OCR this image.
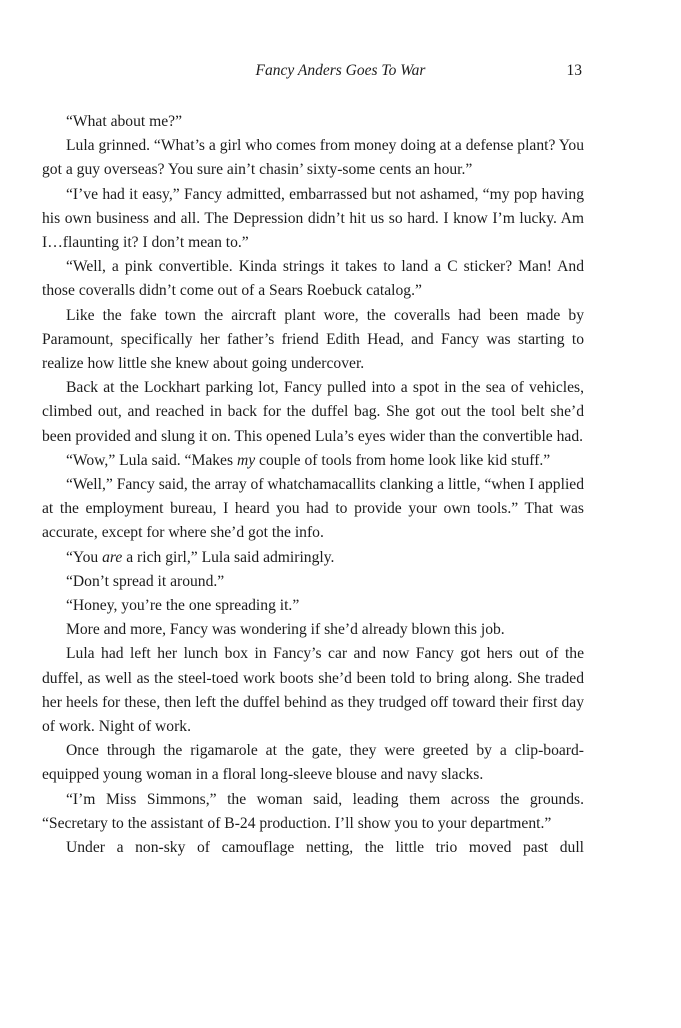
Fancy Anders Goes To War	13

“What about me?”

Lula grinned. “What’s a girl who comes from money doing at a defense plant? You got a guy overseas? You sure ain’t chasin’ sixty-some cents an hour.”

“I’ve had it easy,” Fancy admitted, embarrassed but not ashamed, “my pop having his own business and all. The Depression didn’t hit us so hard. I know I’m lucky. Am I…flaunting it? I don’t mean to.”

“Well, a pink convertible. Kinda strings it takes to land a C sticker? Man! And those coveralls didn’t come out of a Sears Roebuck catalog.”

Like the fake town the aircraft plant wore, the coveralls had been made by Paramount, specifically her father’s friend Edith Head, and Fancy was starting to realize how little she knew about going undercover.

Back at the Lockhart parking lot, Fancy pulled into a spot in the sea of vehicles, climbed out, and reached in back for the duffel bag. She got out the tool belt she’d been provided and slung it on. This opened Lula’s eyes wider than the convertible had.

“Wow,” Lula said. “Makes my couple of tools from home look like kid stuff.”

“Well,” Fancy said, the array of whatchamacallits clanking a little, “when I applied at the employment bureau, I heard you had to provide your own tools.” That was accurate, except for where she’d got the info.

“You are a rich girl,” Lula said admiringly.

“Don’t spread it around.”

“Honey, you’re the one spreading it.”

More and more, Fancy was wondering if she’d already blown this job.

Lula had left her lunch box in Fancy’s car and now Fancy got hers out of the duffel, as well as the steel-toed work boots she’d been told to bring along. She traded her heels for these, then left the duffel behind as they trudged off toward their first day of work. Night of work.

Once through the rigamarole at the gate, they were greeted by a clip-board-equipped young woman in a floral long-sleeve blouse and navy slacks.

“I’m Miss Simmons,” the woman said, leading them across the grounds. “Secretary to the assistant of B-24 production. I’ll show you to your department.”

Under a non-sky of camouflage netting, the little trio moved past dull
